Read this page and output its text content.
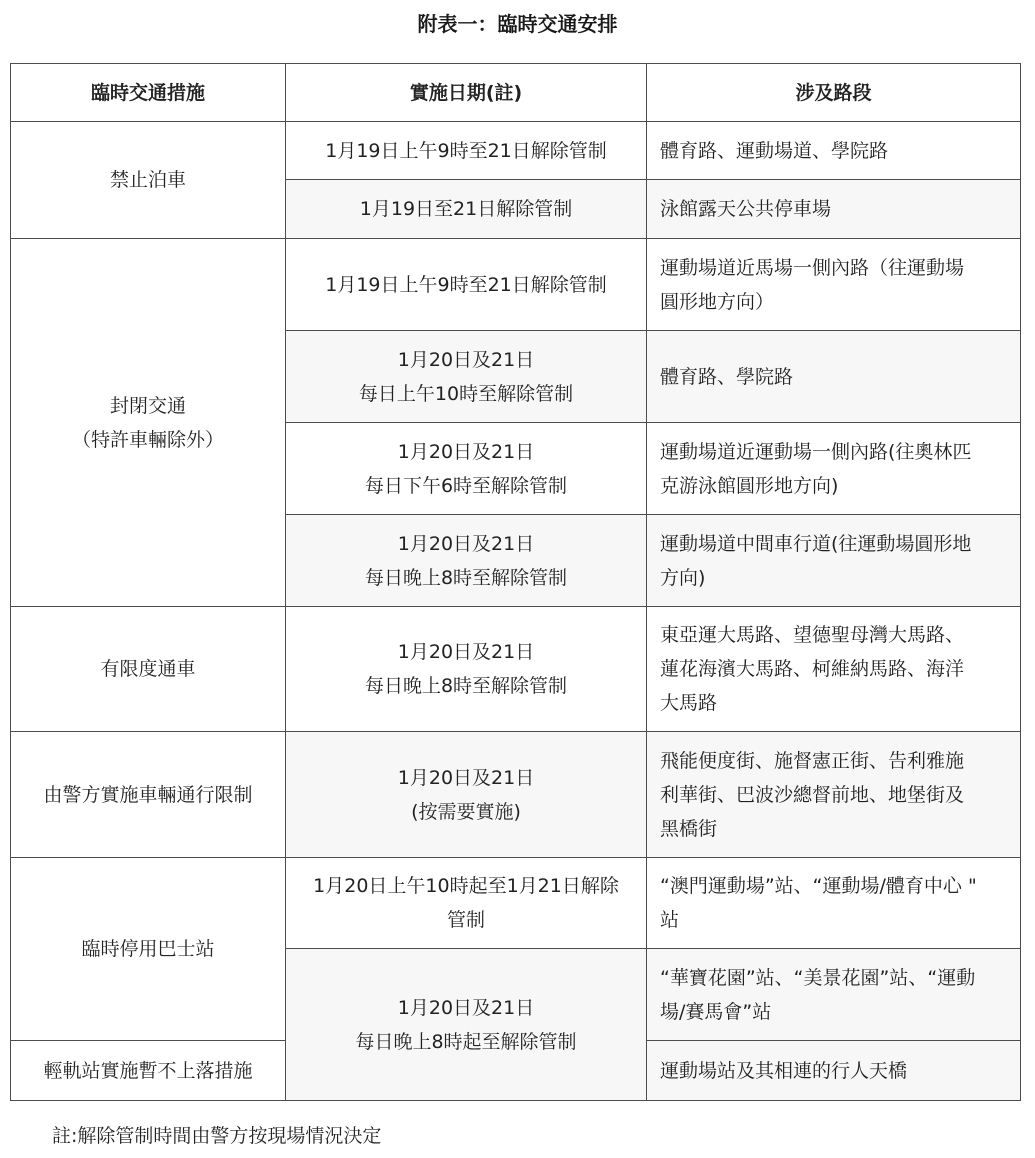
附表一：臨時交通安排
臨時交通措施	實施日期(註)	涉及路段
禁止泊車	1月19日上午9時至21日解除管制	體育路、運動場道、學院路

	1月19日至21日解除管制	泳館露天公共停車場

封閉交通
（特許車輛除外）	1月19日上午9時至21日解除管制	運動場道近馬場一側內路（往運動場
圓形地方向）

	1月20日及21日
每日上午10時至解除管制	體育路、學院路

	1月20日及21日
每日下午6時至解除管制	運動場道近運動場一側內路(往奧林匹
克游泳館圓形地方向)

	1月20日及21日
每日晚上8時至解除管制	運動場道中間車行道(往運動場圓形地
方向)

有限度通車	1月20日及21日
每日晚上8時至解除管制	東亞運大馬路、望德聖母灣大馬路、
蓮花海濱大馬路、柯維納馬路、海洋
大馬路

由警方實施車輛通行限制	1月20日及21日
(按需要實施)	飛能便度街、施督憲正街、告利雅施
利華街、巴波沙總督前地、地堡街及
黑橋街

臨時停用巴士站	1月20日上午10時起至1月21日解除
管制	“澳門運動場”站、“運動場/體育中心 "
站

	1月20日及21日
每日晚上8時起至解除管制	“華寶花園”站、“美景花園”站、“運動
場/賽馬會”站

輕軌站實施暫不上落措施		運動場站及其相連的行人天橋
註:解除管制時間由警方按現場情況決定
